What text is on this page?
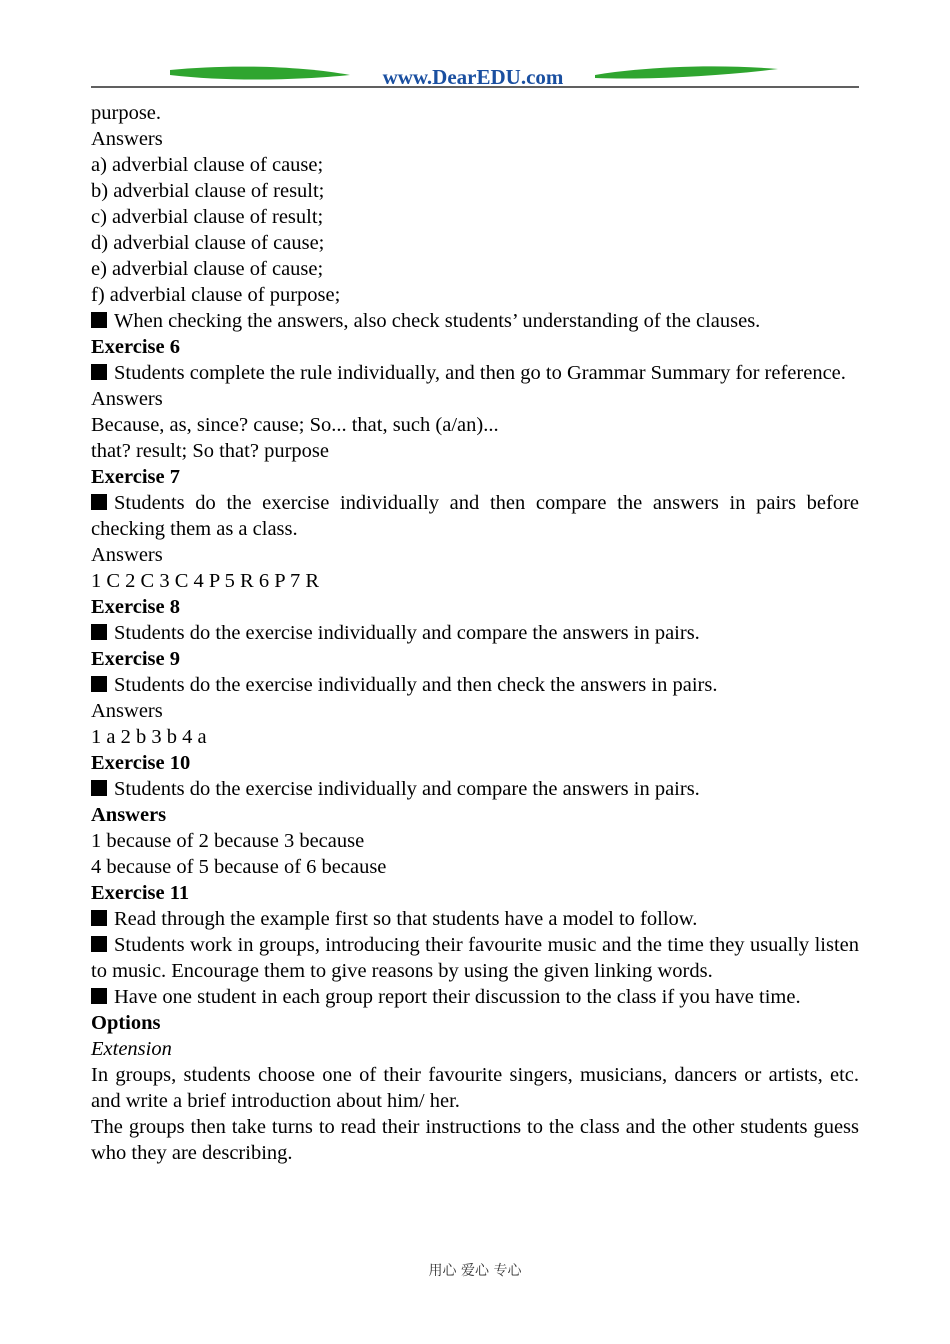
www.DearEDU.com
purpose.
Answers
a) adverbial clause of cause;
b) adverbial clause of result;
c) adverbial clause of result;
d) adverbial clause of cause;
e) adverbial clause of cause;
f) adverbial clause of purpose;
When checking the answers, also check students’ understanding of the clauses.
Exercise 6
Students complete the rule individually, and then go to Grammar Summary for reference.
Answers
Because, as, since? cause; So... that, such (a/an)...
that? result; So that? purpose
Exercise 7
Students do the exercise individually and then compare the answers in pairs before checking them as a class.
Answers
1 C 2 C 3 C 4 P 5 R 6 P 7 R
Exercise 8
Students do the exercise individually and compare the answers in pairs.
Exercise 9
Students do the exercise individually and then check the answers in pairs.
Answers
1 a 2 b 3 b 4 a
Exercise 10
Students do the exercise individually and compare the answers in pairs.
Answers
1 because of 2 because 3 because
4 because of 5 because of 6 because
Exercise 11
Read through the example first so that students have a model to follow.
Students work in groups, introducing their favourite music and the time they usually listen to music. Encourage them to give reasons by using the given linking words.
Have one student in each group report their discussion to the class if you have time.
Options
Extension
In groups, students choose one of their favourite singers, musicians, dancers or artists, etc. and write a brief introduction about him/ her.
The groups then take turns to read their instructions to the class and the other students guess who they are describing.
用心 爱心 专心
